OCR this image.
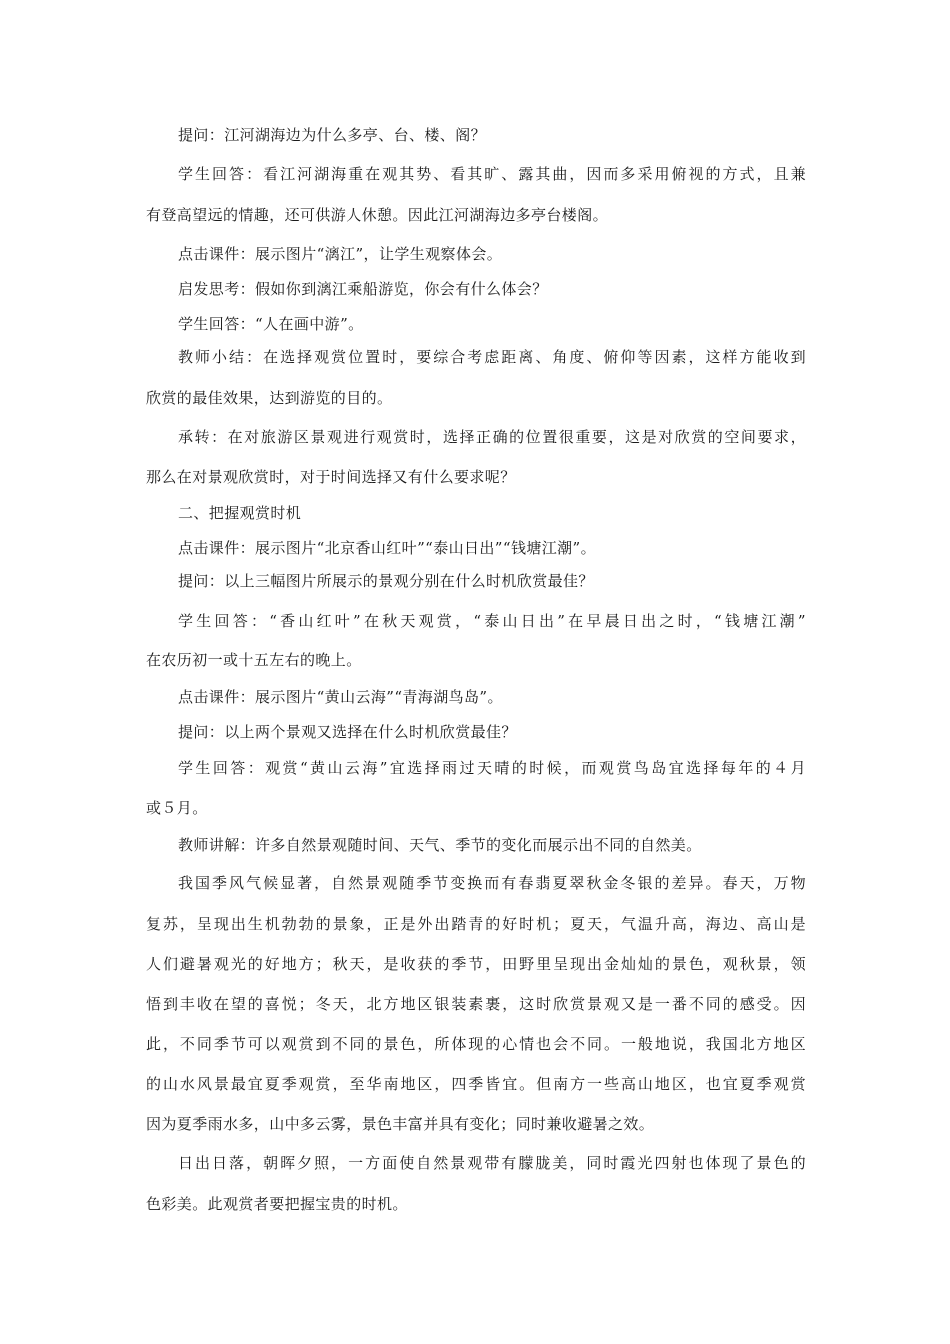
提问：江河湖海边为什么多亭、台、楼、阁？
学生回答：看江河湖海重在观其势、看其旷、露其曲，因而多采用俯视的方式，且兼
有登高望远的情趣，还可供游人休憩。因此江河湖海边多亭台楼阁。
点击课件：展示图片“漓江”，让学生观察体会。
启发思考：假如你到漓江乘船游览，你会有什么体会？
学生回答：“人在画中游”。
教师小结：在选择观赏位置时，要综合考虑距离、角度、俯仰等因素，这样方能收到
欣赏的最佳效果，达到游览的目的。
承转：在对旅游区景观进行观赏时，选择正确的位置很重要，这是对欣赏的空间要求，
那么在对景观欣赏时，对于时间选择又有什么要求呢？
二、把握观赏时机
点击课件：展示图片“北京香山红叶”“泰山日出”“钱塘江潮”。
提问：以上三幅图片所展示的景观分别在什么时机欣赏最佳？
学生回答：“香山红叶”在秋天观赏，“泰山日出”在早晨日出之时，“钱塘江潮”
在农历初一或十五左右的晚上。
点击课件：展示图片“黄山云海”“青海湖鸟岛”。
提问：以上两个景观又选择在什么时机欣赏最佳？
学生回答：观赏“黄山云海”宜选择雨过天晴的时候，而观赏鸟岛宜选择每年的４月
或５月。
教师讲解：许多自然景观随时间、天气、季节的变化而展示出不同的自然美。
我国季风气候显著，自然景观随季节变换而有春翡夏翠秋金冬银的差异。春天，万物
复苏，呈现出生机勃勃的景象，正是外出踏青的好时机；夏天，气温升高，海边、高山是
人们避暑观光的好地方；秋天，是收获的季节，田野里呈现出金灿灿的景色，观秋景，领
悟到丰收在望的喜悦；冬天，北方地区银装素裹，这时欣赏景观又是一番不同的感受。因
此，不同季节可以观赏到不同的景色，所体现的心情也会不同。一般地说，我国北方地区
的山水风景最宜夏季观赏，至华南地区，四季皆宜。但南方一些高山地区，也宜夏季观赏
因为夏季雨水多，山中多云雾，景色丰富并具有变化；同时兼收避暑之效。
日出日落，朝晖夕照，一方面使自然景观带有朦胧美，同时霞光四射也体现了景色的
色彩美。此观赏者要把握宝贵的时机。
